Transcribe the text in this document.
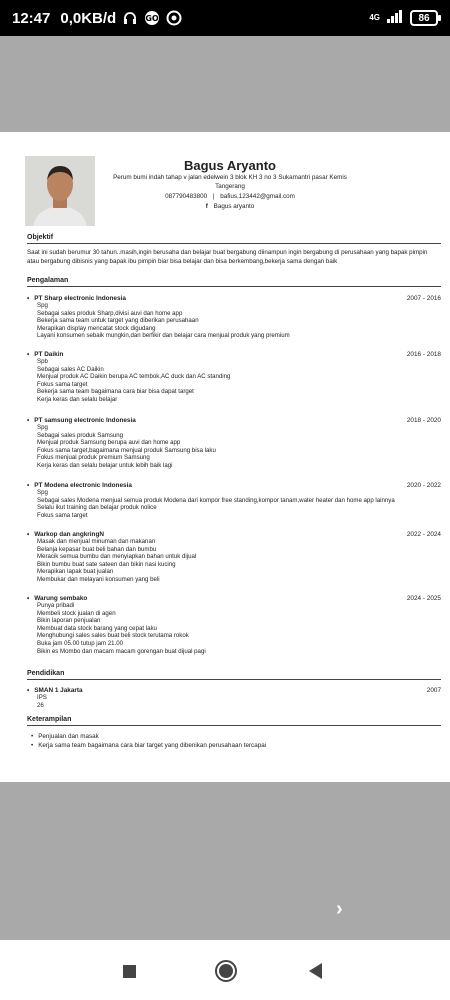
12:47 0,0KB/d	GO	4G	86
Bagus Aryanto
Perum bumi indah tahap v jalan edelwein 3 blok KH 3 no 3 Sukamantri pasar Kemis Tangerang
087790483800 | bafius.123442@gmail.com
f Bagus aryanto
Objektif
Saat ini sudah berumur 30 tahun..masih,ingin berusaha dan belajar buat bergabung diinampun ingin bergabung di perusahaan yang bapak pimpin atau bergabung dibisnis yang bapak ibu pimpin biar bisa belajar dan bisa berkembang,bekerja sama dengan baik
Pengalaman
• PT Sharp electronic Indonesia	2007 - 2016
Spg
Sebagai sales produk Sharp,divisi auvi dan home app
Bekerja sama team untuk target yang diberikan perusahaan
Merapikan display mencatat stock digudang
Layani konsumen sebaik mungkin,dan berfikir dan belajar cara menjual produk yang premium
• PT Daikin	2016 - 2018
Spb
Sebagai sales AC Daikin
Menjual produk AC Daikin berupa AC tembok,AC duck dan AC standing
Fokus sama target
Bekerja sama team bagaimana cara biar bisa dapat target
Kerja keras dan selalu belajar
• PT samsung electronic Indonesia	2018 - 2020
Spg
Sebagai sales produk Samsung
Menjual produk Samsung berupa auvi dan home app
Fokus sama target,bagaimana menjual produk Samsung bisa laku
Fokus menjual produk premium Samsung
Kerja keras dan selalu belajar untuk lebih baik lagi
• PT Modena electronic Indonesia	2020 - 2022
Spg
Sebagai sales Modena menjual semua produk Modena dari kompor free standing,kompor tanam,water heater dan home app lainnya
Selalu ikut training dan belajar produk nolice
Fokus sama target
• Warkop dan angkringN	2022 - 2024
Masak dan menjual minuman dan makanan
Belanja kepasar buat beli bahan dan bumbu
Meracik semua bumbu dan menyiapkan bahan untuk dijual
Bikin bumbu buat sate sateen dan bikin nasi kucing
Merapikan lapak buat jualan
Membukar dan melayani konsumen yang beli
• Warung sembako	2024 - 2025
Punya pribadi
Membeli stock jualan di agen
Bikin laporan penjualan
Membuat data stock barang yang cepat laku
Menghubungi sales sales buat beli stock terutama rokok
Buka jam 05.00 tutup jam 21.00
Bikin es Mombo dan macam macam gorengan buat dijual pagi
Pendidikan
• SMAN 1 Jakarta	2007
IPS
26
Keterampilan
• Penjualan dan masak
• Kerja sama team bagaimana cara biar target yang dibenikan perusahaan tercapai
›
